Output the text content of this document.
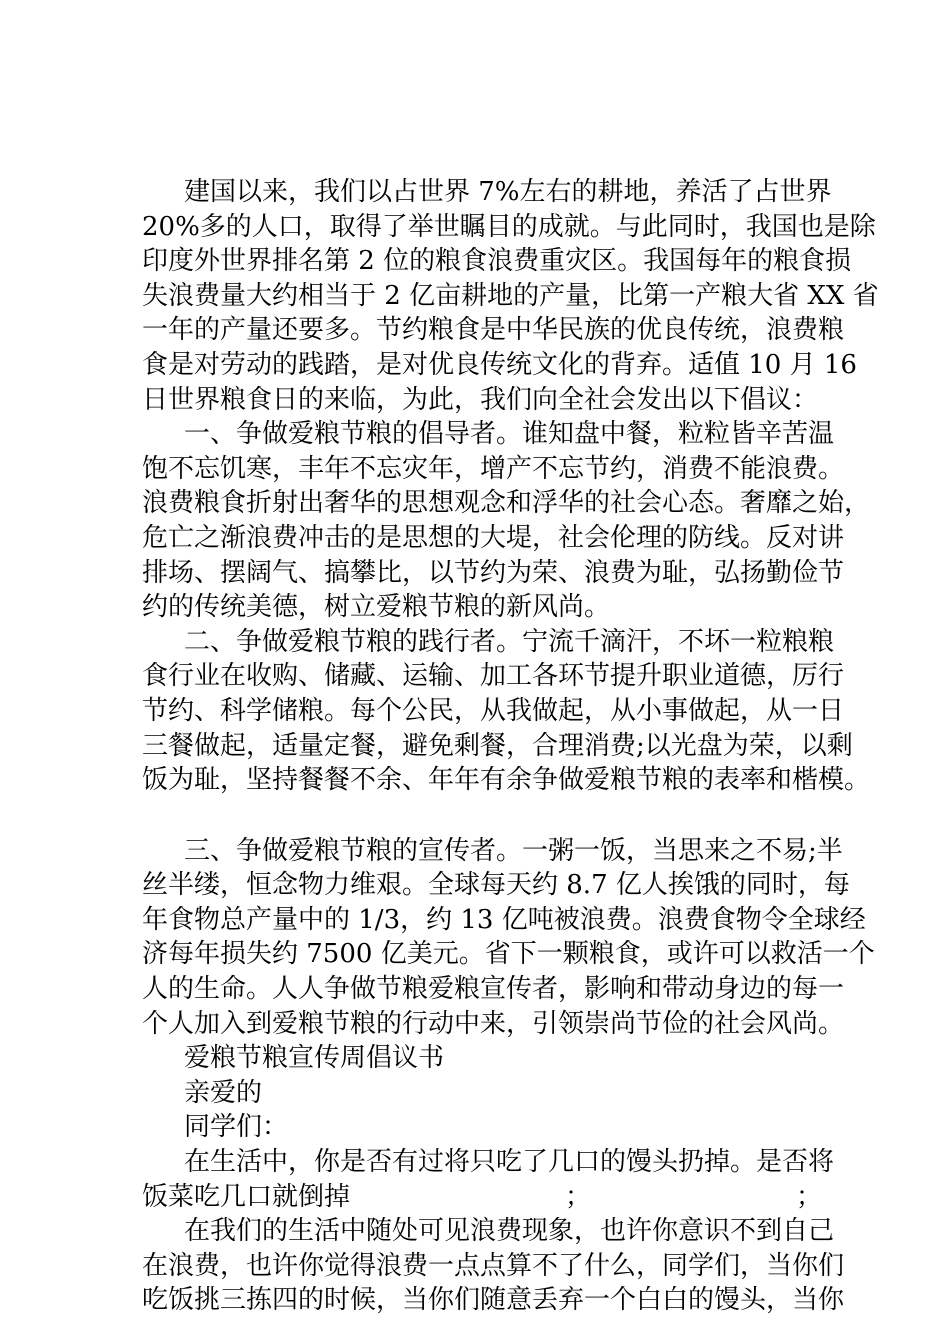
建国以来，我们以占世界 7%左右的耕地，养活了占世界
20%多的人口，取得了举世瞩目的成就。与此同时，我国也是除
印度外世界排名第 2 位的粮食浪费重灾区。我国每年的粮食损
失浪费量大约相当于 2 亿亩耕地的产量，比第一产粮大省 XX 省
一年的产量还要多。节约粮食是中华民族的优良传统，浪费粮
食是对劳动的践踏，是对优良传统文化的背弃。适值 10 月 16
日世界粮食日的来临，为此，我们向全社会发出以下倡议：
一、争做爱粮节粮的倡导者。谁知盘中餐，粒粒皆辛苦温
饱不忘饥寒，丰年不忘灾年，增产不忘节约，消费不能浪费。
浪费粮食折射出奢华的思想观念和浮华的社会心态。奢靡之始，
危亡之渐浪费冲击的是思想的大堤，社会伦理的防线。反对讲
排场、摆阔气、搞攀比，以节约为荣、浪费为耻，弘扬勤俭节
约的传统美德，树立爱粮节粮的新风尚。
二、争做爱粮节粮的践行者。宁流千滴汗，不坏一粒粮粮
食行业在收购、储藏、运输、加工各环节提升职业道德，厉行
节约、科学储粮。每个公民，从我做起，从小事做起，从一日
三餐做起，适量定餐，避免剩餐，合理消费;以光盘为荣，以剩
饭为耻，坚持餐餐不余、年年有余争做爱粮节粮的表率和楷模。
三、争做爱粮节粮的宣传者。一粥一饭，当思来之不易;半
丝半缕，恒念物力维艰。全球每天约 8.7 亿人挨饿的同时，每
年食物总产量中的 1/3，约 13 亿吨被浪费。浪费食物令全球经
济每年损失约 7500 亿美元。省下一颗粮食，或许可以救活一个
人的生命。人人争做节粮爱粮宣传者，影响和带动身边的每一
个人加入到爱粮节粮的行动中来，引领崇尚节俭的社会风尚。
爱粮节粮宣传周倡议书
亲爱的
同学们：
在生活中，你是否有过将只吃了几口的馒头扔掉。是否将
饭菜吃几口就倒掉	；	；
在我们的生活中随处可见浪费现象，也许你意识不到自己
在浪费，也许你觉得浪费一点点算不了什么，同学们，当你们
吃饭挑三拣四的时候，当你们随意丢弃一个白白的馒头，当你
